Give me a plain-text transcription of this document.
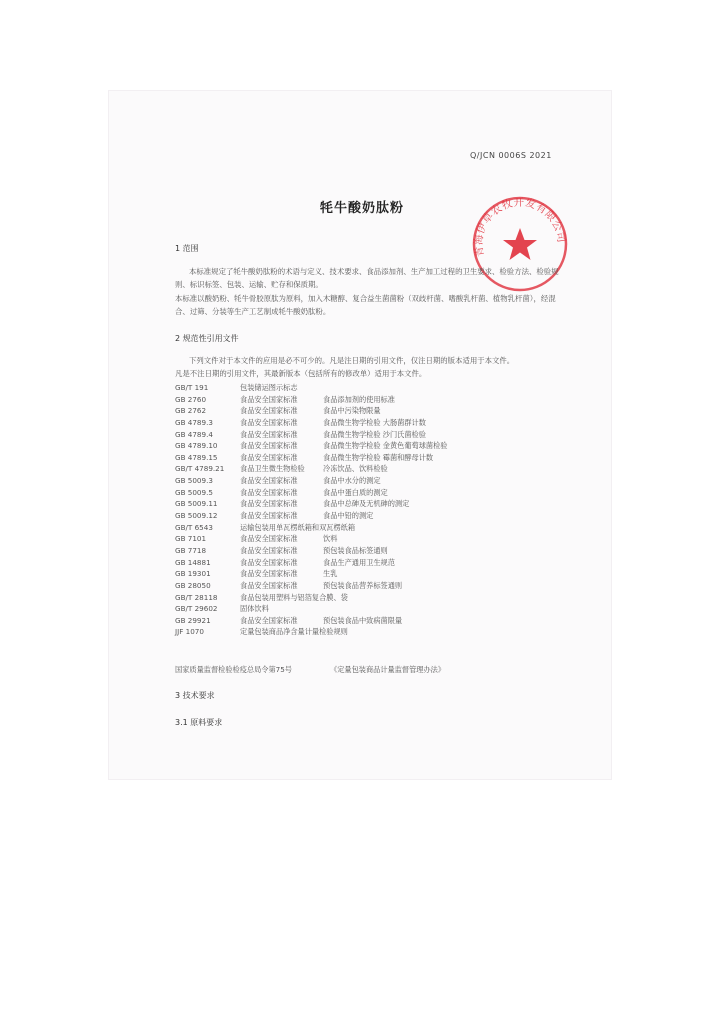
Q/JCN 0006S 2021
牦牛酸奶肽粉
青海伊草农牧开发有限公司
1 范围
本标准规定了牦牛酸奶肽粉的术语与定义、技术要求、食品添加剂、生产加工过程的卫生要求、检验方法、检验规则、标识标签、包装、运输、贮存和保质期。
本标准以酸奶粉、牦牛骨胶原肽为原料，加入木糖醇、复合益生菌菌粉（双歧杆菌、嗜酸乳杆菌、植物乳杆菌），经混合、过筛、分装等生产工艺制成牦牛酸奶肽粉。
2 规范性引用文件
下列文件对于本文件的应用是必不可少的。凡是注日期的引用文件，仅注日期的版本适用于本文件。
凡是不注日期的引用文件，其最新版本（包括所有的修改单）适用于本文件。
GB/T 191	包装储运图示标志
GB 2760	食品安全国家标准	食品添加剂的使用标准
GB 2762	食品安全国家标准	食品中污染物限量
GB 4789.3	食品安全国家标准	食品微生物学检验 大肠菌群计数
GB 4789.4	食品安全国家标准	食品微生物学检验 沙门氏菌检验
GB 4789.10	食品安全国家标准	食品微生物学检验 金黄色葡萄球菌检验
GB 4789.15	食品安全国家标准	食品微生物学检验 霉菌和酵母计数
GB/T 4789.21 食品卫生微生物检验	冷冻饮品、饮料检验
GB 5009.3	食品安全国家标准	食品中水分的测定
GB 5009.5	食品安全国家标准	食品中蛋白质的测定
GB 5009.11	食品安全国家标准	食品中总砷及无机砷的测定
GB 5009.12	食品安全国家标准	食品中铅的测定
GB/T 6543	运输包装用单瓦楞纸箱和双瓦楞纸箱
GB 7101	食品安全国家标准	饮料
GB 7718	食品安全国家标准	预包装食品标签通则
GB 14881	食品安全国家标准	食品生产通用卫生规范
GB 19301	食品安全国家标准	生乳
GB 28050	食品安全国家标准	预包装食品营养标签通则
GB/T 28118	食品包装用塑料与铝箔复合膜、袋
GB/T 29602	固体饮料
GB 29921	食品安全国家标准	预包装食品中致病菌限量
JJF 1070	定量包装商品净含量计量检验规则
国家质量监督检验检疫总局令第75号	《定量包装商品计量监督管理办法》
3 技术要求
3.1 原料要求
